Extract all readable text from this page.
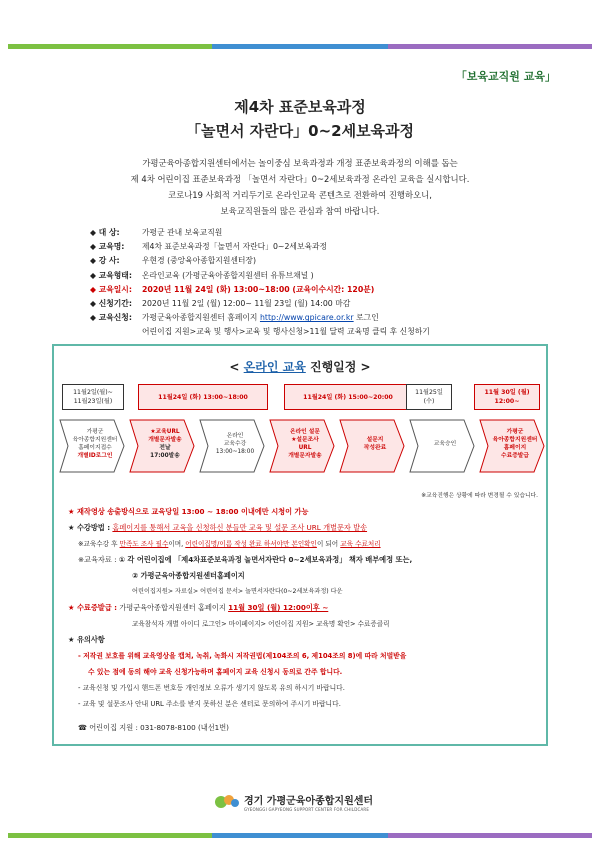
「보육교직원 교육」
제4차 표준보육과정
「놀면서 자란다」0~2세보육과정
가평군육아종합지원센터에서는 놀이중심 보육과정과 개정 표준보육과정의 이해를 돕는
제 4차 어린이집 표준보육과정 「놀면서 자란다」0~2세보육과정 온라인 교육을 실시합니다.
코로나19 사회적 거리두기로 온라인교육 콘텐츠로 전환하여 진행하오니,
보육교직원들의 많은 관심과 참여 바랍니다.
◆ 대 상:	가평군 관내 보육교직원
◆ 교육명:	제4차 표준보육과정「놀면서 자란다」0~2세보육과정
◆ 강 사:	우현경 (중앙육아종합지원센터장)
◆ 교육형태:	온라인교육 (가평군육아종합지원센터 유튜브채널 )
◆ 교육일시:	2020년 11월 24일 (화) 13:00~18:00 (교육이수시간: 120분)
◆ 신청기간:	2020년 11월 2일 (월) 12:00~ 11월 23일 (월) 14:00 마감
◆ 교육신청:	가평군육아종합지원센터 홈페이지
http://www.gpicare.or.kr
로그인
어린이집 지원>교육 및 행사>교육 및 행사신청>11월 달력 교육명 클릭 후 신청하기
< 온라인 교육 진행일정 >
11월2일(월)~
11월23일(월)
11월24일 (화) 13:00~18:00	11월24일 (화) 15:00~20:00
11월25일
(수)
11월 30일 (월)
12:00~
가평군
육아종합지원센터
홈페이지접수
개별ID로그인
★교육URL
개별문자발송
전날
17:00발송
온라인
교육수강
13:00~18:00
온라인 설문
★설문조사
URL
개별문자발송
설문지
작성완료
교육승인
가평군
육아종합지원센터
홈페이지
수료증발급
※교육진행은 상황에 따라 변경될 수 있습니다.
★ 재작영상 송출방식으로 교육당일 13:00 ~ 18:00 이내에만 시청이 가능
★ 수강방법 : 홈페이지를 통해서 교육을 신청하신 분들만 교육 및 설문 조사 URL 개별문자 발송
※교육수강 후 만족도 조사 필수이며, 어린이집명/이름 작성 완료 하셔야만 본인확인이 되어 교육 수료처리
※교육자료 : ① 각 어린이집에 「제4차표준보육과정 놀면서자란다 0~2세보육과정」 책자 배부예정 또는,
② 가평군육아종합지원센터홈페이지
어린이집지원> 자료실> 어린이집 문서> 놀면서자란다(0~2세보육과정) 다운
★ 수료증발급 : 가평군육아종합지원센터 홈페이지 11월 30일 (월) 12:00이후 ~
교육참석자 개별 아이디 로그인> 마이페이지> 어린이집 지원> 교육명 확인> 수료증클릭
★ 유의사항
- 저작권 보호를 위해 교육영상을 캡쳐, 녹취, 녹화시 저작권법(제104조의 6, 제104조의 8)에 따라 처벌받을
수 있는 점에 동의 해야 교육 신청가능하며 홈페이지 교육 신청시 동의로 간주 합니다.
- 교육신청 및 가입시 핸드폰 번호등 개인정보 오류가 생기지 않도록 유의 하시기 바랍니다.
- 교육 및 설문조사 안내 URL 주소를 받지 못하신 분은 센터로 문의하여 주시기 바랍니다.
☎ 어린이집 지원 : 031-8078-8100 (내선1번)
경기 가평군육아종합지원센터
GYEONGGI GAPYEONG SUPPORT CENTER FOR CHILDCARE
